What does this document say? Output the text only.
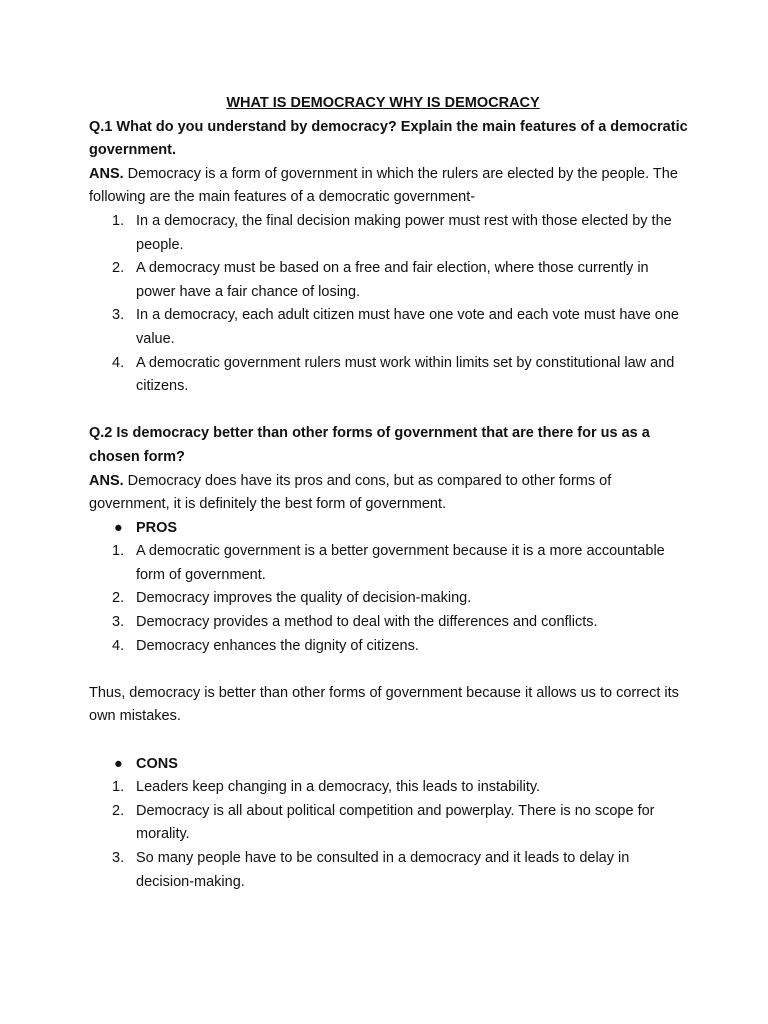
WHAT IS DEMOCRACY WHY IS DEMOCRACY

Q.1 What do you understand by democracy? Explain the main features of a democratic government.

ANS. Democracy is a form of government in which the rulers are elected by the people. The following are the main features of a democratic government-

1. In a democracy, the final decision making power must rest with those elected by the people.
2. A democracy must be based on a free and fair election, where those currently in power have a fair chance of losing.
3. In a democracy, each adult citizen must have one vote and each vote must have one value.
4. A democratic government rulers must work within limits set by constitutional law and citizens.

Q.2 Is democracy better than other forms of government that are there for us as a chosen form?

ANS. Democracy does have its pros and cons, but as compared to other forms of government, it is definitely the best form of government.

● PROS

1. A democratic government is a better government because it is a more accountable form of government.
2. Democracy improves the quality of decision-making.
3. Democracy provides a method to deal with the differences and conflicts.
4. Democracy enhances the dignity of citizens.

Thus, democracy is better than other forms of government because it allows us to correct its own mistakes.

● CONS

1. Leaders keep changing in a democracy, this leads to instability.
2. Democracy is all about political competition and powerplay. There is no scope for morality.
3. So many people have to be consulted in a democracy and it leads to delay in decision-making.
